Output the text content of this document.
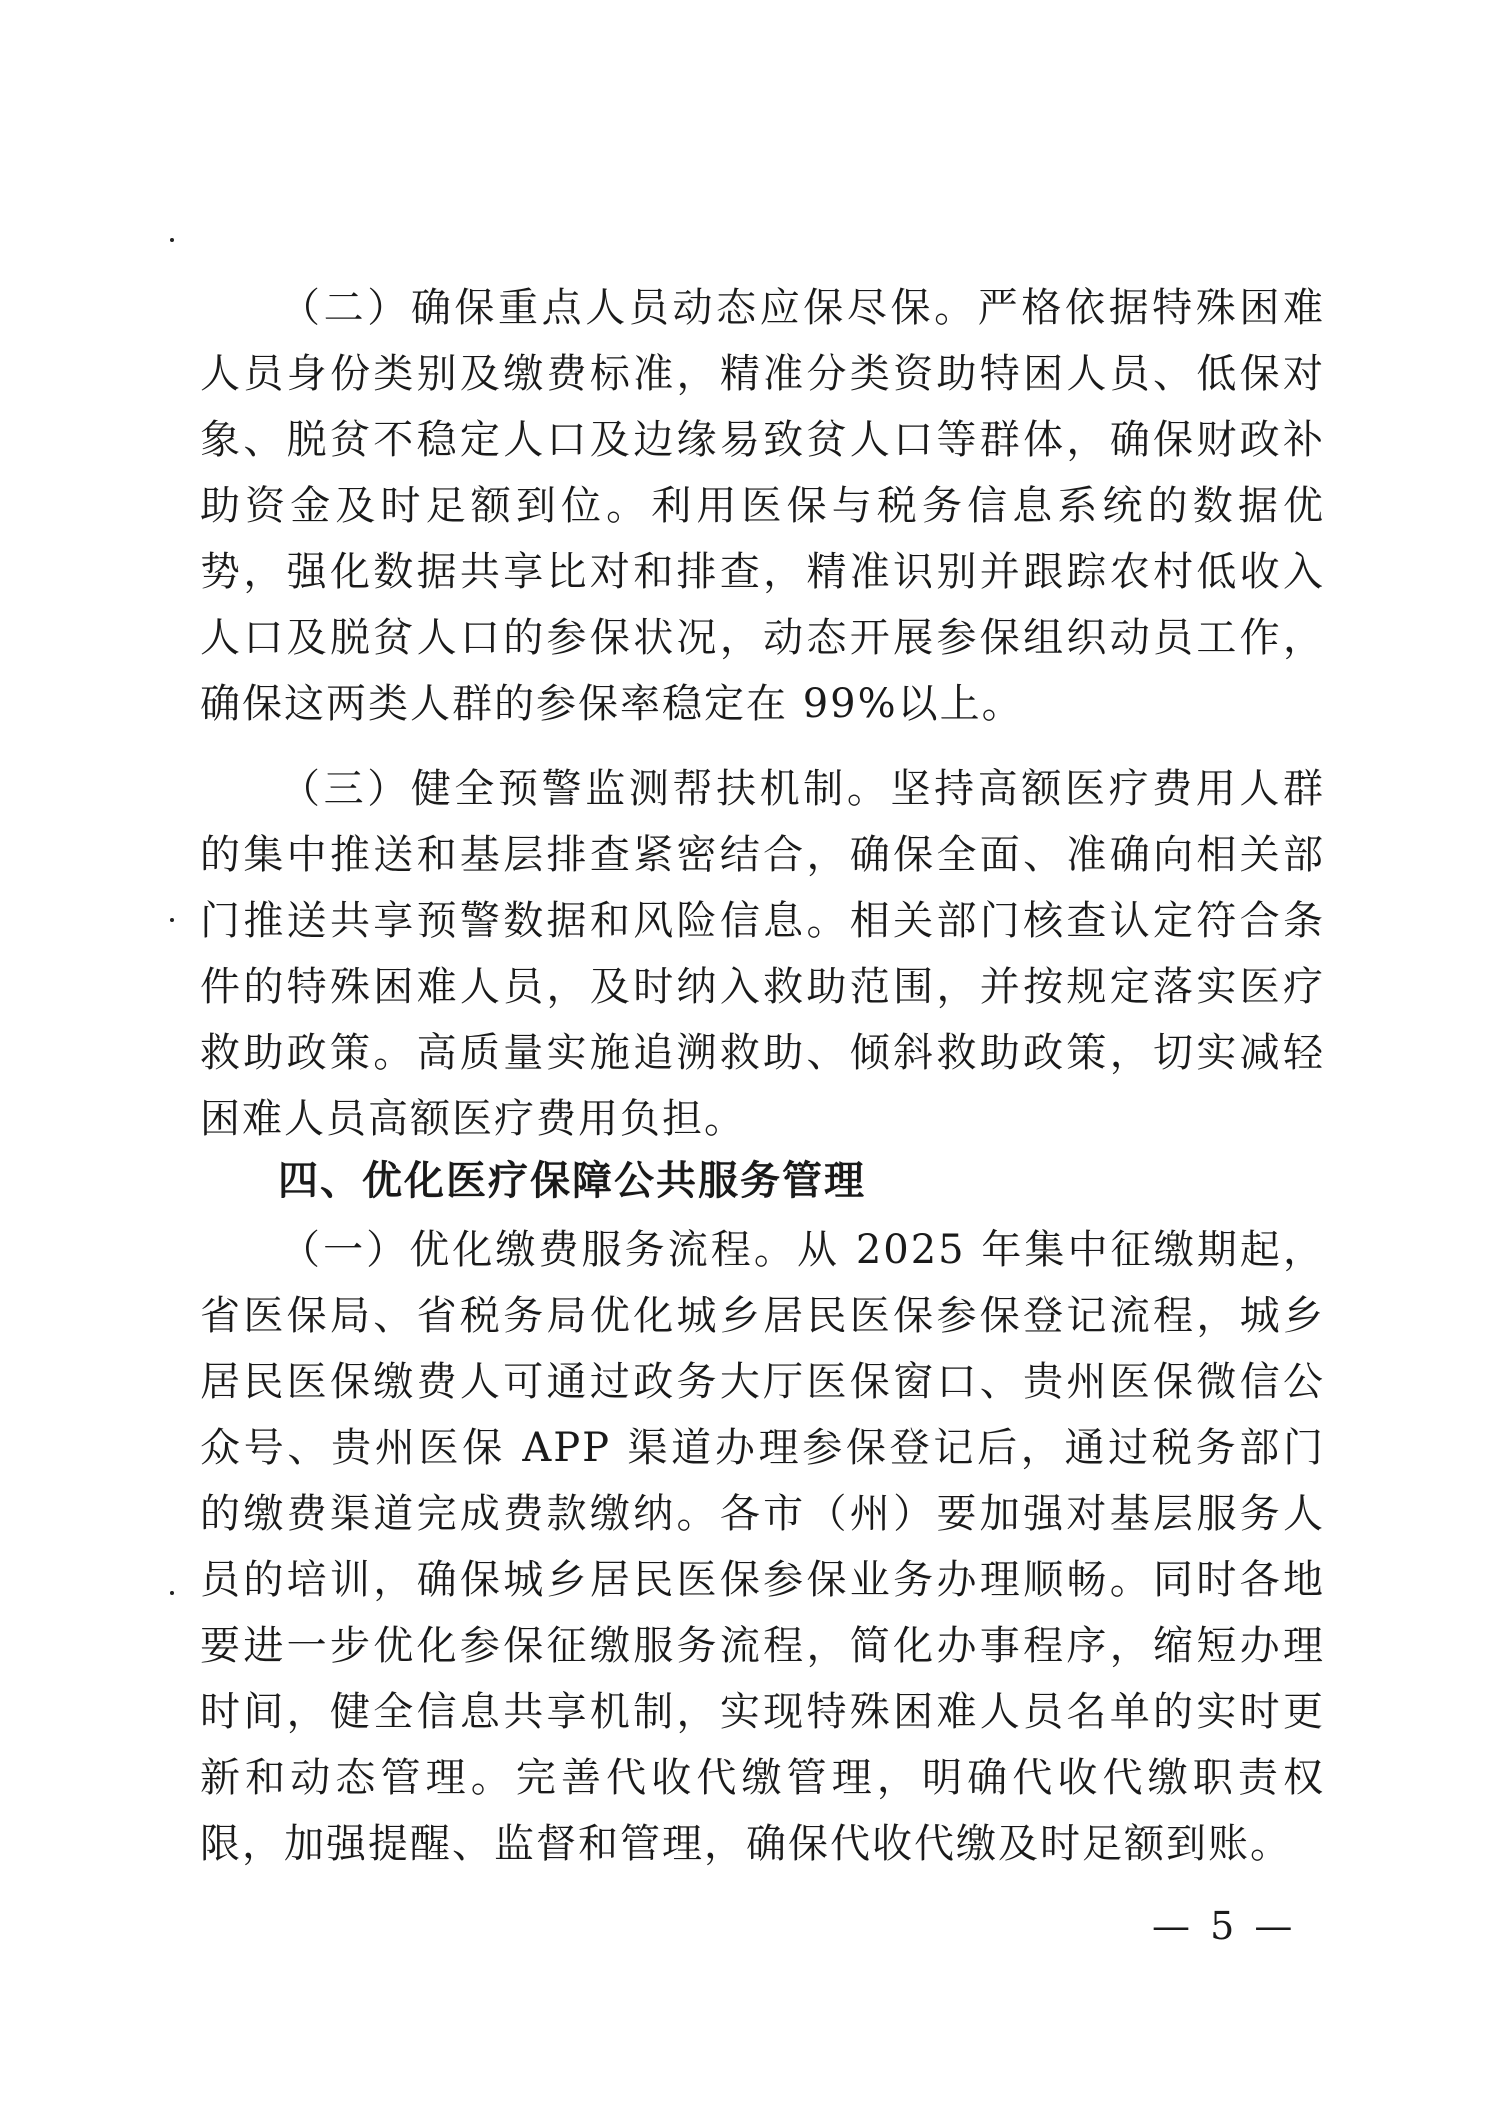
（二）确保重点人员动态应保尽保。严格依据特殊困难人员身份类别及缴费标准，精准分类资助特困人员、低保对象、脱贫不稳定人口及边缘易致贫人口等群体，确保财政补助资金及时足额到位。利用医保与税务信息系统的数据优势，强化数据共享比对和排查，精准识别并跟踪农村低收入人口及脱贫人口的参保状况，动态开展参保组织动员工作，确保这两类人群的参保率稳定在 99%以上。

（三）健全预警监测帮扶机制。坚持高额医疗费用人群的集中推送和基层排查紧密结合，确保全面、准确向相关部门推送共享预警数据和风险信息。相关部门核查认定符合条件的特殊困难人员，及时纳入救助范围，并按规定落实医疗救助政策。高质量实施追溯救助、倾斜救助政策，切实减轻困难人员高额医疗费用负担。

四、优化医疗保障公共服务管理

（一）优化缴费服务流程。从 2025 年集中征缴期起，省医保局、省税务局优化城乡居民医保参保登记流程，城乡居民医保缴费人可通过政务大厅医保窗口、贵州医保微信公众号、贵州医保 APP 渠道办理参保登记后，通过税务部门的缴费渠道完成费款缴纳。各市（州）要加强对基层服务人员的培训，确保城乡居民医保参保业务办理顺畅。同时各地要进一步优化参保征缴服务流程，简化办事程序，缩短办理时间，健全信息共享机制，实现特殊困难人员名单的实时更新和动态管理。完善代收代缴管理，明确代收代缴职责权限，加强提醒、监督和管理，确保代收代缴及时足额到账。

— 5 —
